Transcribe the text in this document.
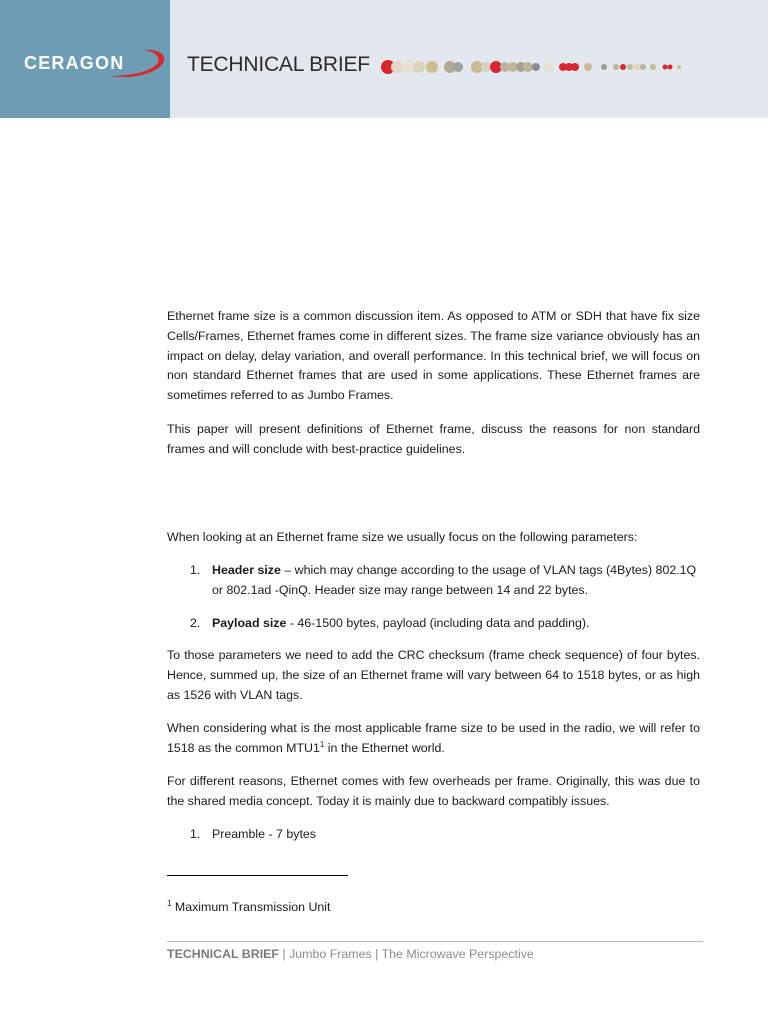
CERAGON	TECHNICAL BRIEF

Ethernet frame size is a common discussion item. As opposed to ATM or SDH that have fix size Cells/Frames, Ethernet frames come in different sizes. The frame size variance obviously has an impact on delay, delay variation, and overall performance. In this technical brief, we will focus on non standard Ethernet frames that are used in some applications. These Ethernet frames are sometimes referred to as Jumbo Frames.

This paper will present definitions of Ethernet frame, discuss the reasons for non standard frames and will conclude with best-practice guidelines.

When looking at an Ethernet frame size we usually focus on the following parameters:

1. Header size – which may change according to the usage of VLAN tags (4Bytes) 802.1Q or 802.1ad -QinQ. Header size may range between 14 and 22 bytes.
2. Payload size - 46-1500 bytes, payload (including data and padding).

To those parameters we need to add the CRC checksum (frame check sequence) of four bytes. Hence, summed up, the size of an Ethernet frame will vary between 64 to 1518 bytes, or as high as 1526 with VLAN tags.

When considering what is the most applicable frame size to be used in the radio, we will refer to 1518 as the common $MTU1^1$ in the Ethernet world.

For different reasons, Ethernet comes with few overheads per frame. Originally, this was due to the shared media concept. Today it is mainly due to backward compatibly issues.

1. Preamble - 7 bytes
$^1$ Maximum Transmission Unit
TECHNICAL BRIEF | Jumbo Frames | The Microwave Perspective
